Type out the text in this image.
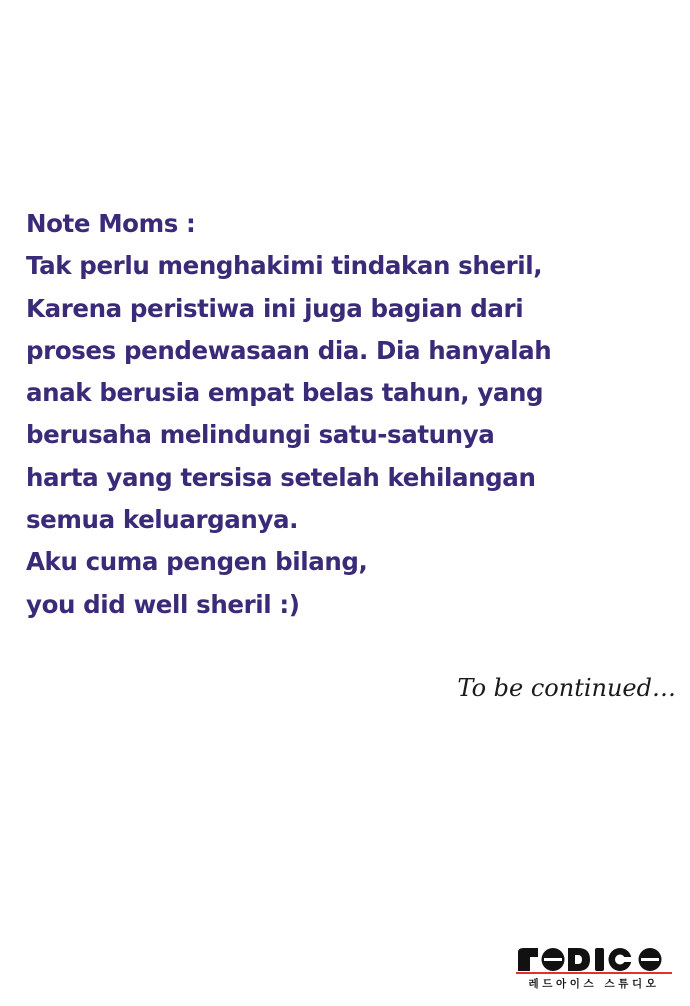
Note Moms :
Tak perlu menghakimi tindakan sheril,
Karena peristiwa ini juga bagian dari
proses pendewasaan dia. Dia hanyalah
anak berusia empat belas tahun, yang
berusaha melindungi satu-satunya
harta yang tersisa setelah kehilangan
semua keluarganya.
Aku cuma pengen bilang,
you did well sheril :)
To be continued…
레드아이스 스튜디오
